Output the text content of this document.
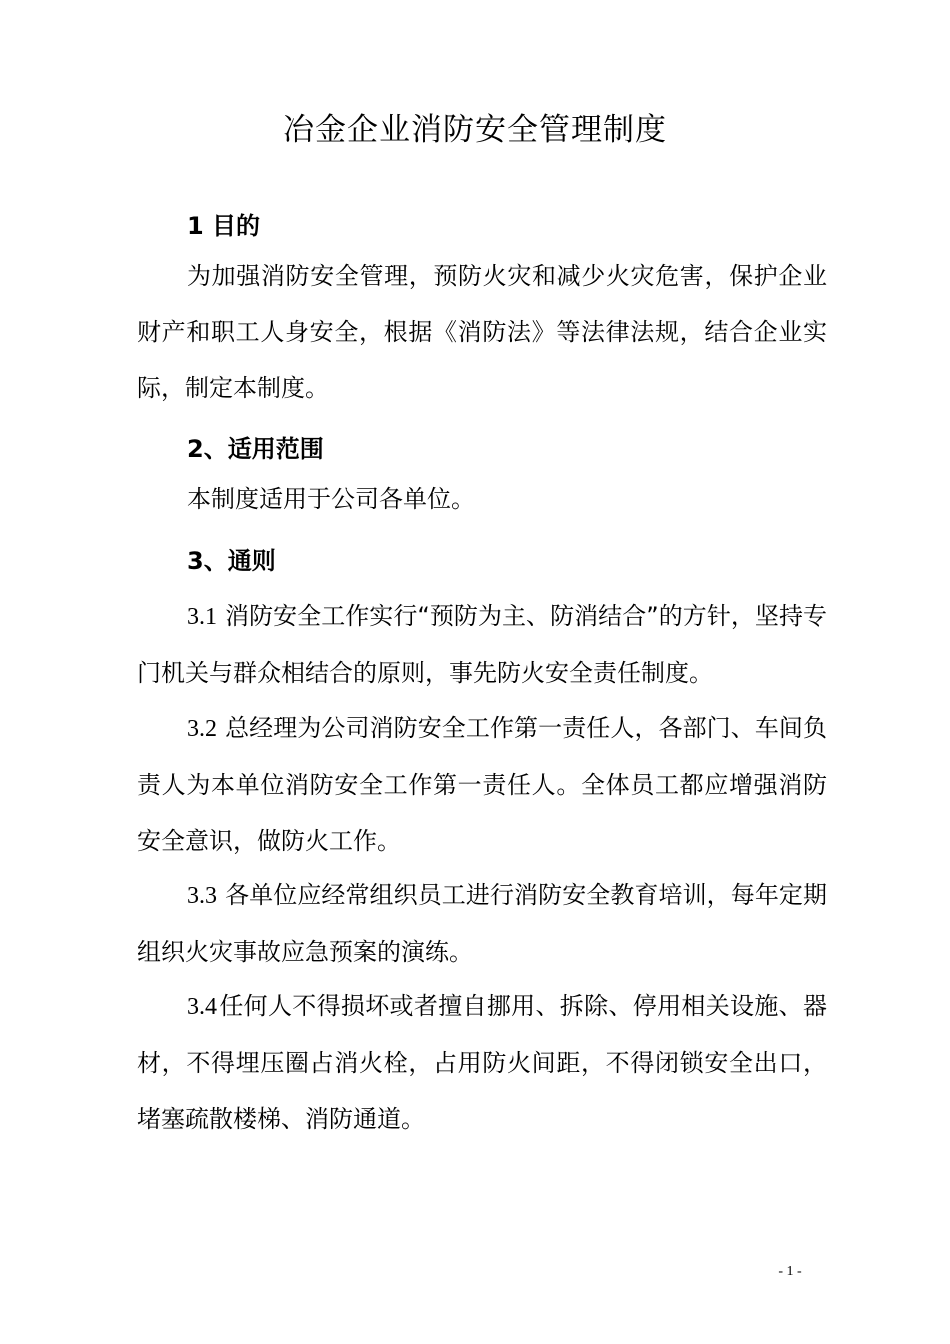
冶金企业消防安全管理制度
1 目的
为加强消防安全管理，预防火灾和减少火灾危害，保护企业财产和职工人身安全，根据《消防法》等法律法规，结合企业实际，制定本制度。
2、适用范围
本制度适用于公司各单位。
3、通则
3.1 消防安全工作实行“预防为主、防消结合”的方针，坚持专门机关与群众相结合的原则，事先防火安全责任制度。
3.2 总经理为公司消防安全工作第一责任人，各部门、车间负责人为本单位消防安全工作第一责任人。全体员工都应增强消防安全意识，做防火工作。
3.3 各单位应经常组织员工进行消防安全教育培训，每年定期组织火灾事故应急预案的演练。
3.4任何人不得损坏或者擅自挪用、拆除、停用相关设施、器材，不得埋压圈占消火栓，占用防火间距，不得闭锁安全出口，堵塞疏散楼梯、消防通道。
- 1 -
